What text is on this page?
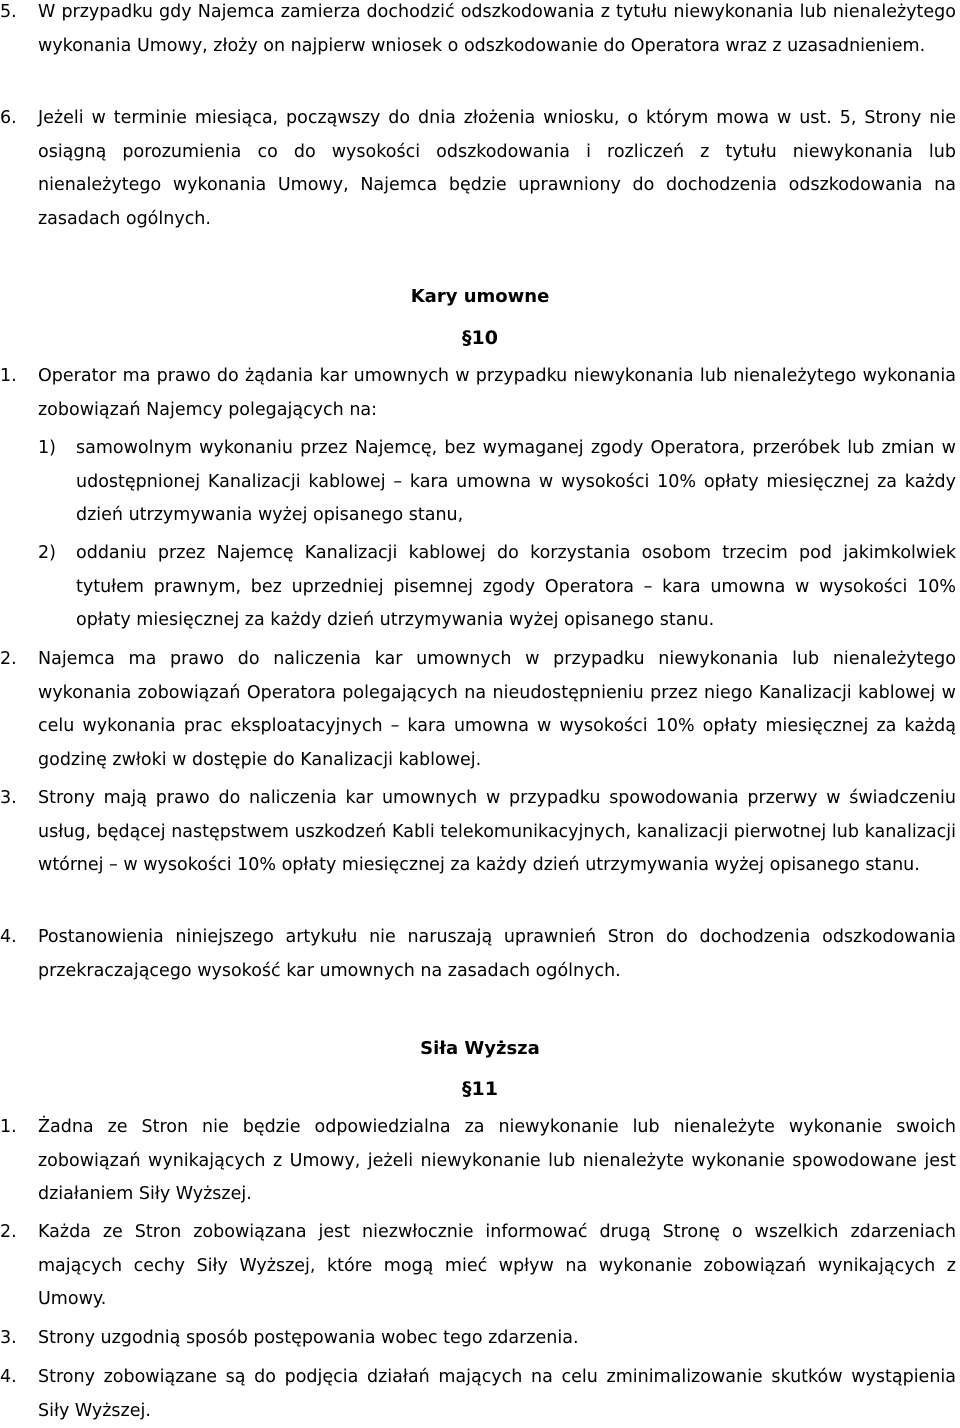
5.	W przypadku gdy Najemca zamierza dochodzić odszkodowania z tytułu niewykonania lub nienależytego wykonania Umowy, złoży on najpierw wniosek o odszkodowanie do Operatora wraz z uzasadnieniem.
6.	Jeżeli w terminie miesiąca, począwszy do dnia złożenia wniosku, o którym mowa w ust. 5, Strony nie osiągną porozumienia co do wysokości odszkodowania i rozliczeń z tytułu niewykonania lub nienależytego wykonania Umowy, Najemca będzie uprawniony do dochodzenia odszkodowania na zasadach ogólnych.
Kary umowne
§10
1.	Operator ma prawo do żądania kar umownych w przypadku niewykonania lub nienależytego wykonania zobowiązań Najemcy polegających na:
1)	samowolnym wykonaniu przez Najemcę, bez wymaganej zgody Operatora, przeróbek lub zmian w udostępnionej Kanalizacji kablowej – kara umowna w wysokości 10% opłaty miesięcznej za każdy dzień utrzymywania wyżej opisanego stanu,
2)	oddaniu przez Najemcę Kanalizacji kablowej do korzystania osobom trzecim pod jakimkolwiek tytułem prawnym, bez uprzedniej pisemnej zgody Operatora – kara umowna w wysokości 10% opłaty miesięcznej za każdy dzień utrzymywania wyżej opisanego stanu.
2.	Najemca ma prawo do naliczenia kar umownych w przypadku niewykonania lub nienależytego wykonania zobowiązań Operatora polegających na nieudostępnieniu przez niego Kanalizacji kablowej w celu wykonania prac eksploatacyjnych – kara umowna w wysokości 10% opłaty miesięcznej za każdą godzinę zwłoki w dostępie do Kanalizacji kablowej.
3.	Strony mają prawo do naliczenia kar umownych w przypadku spowodowania przerwy w świadczeniu usług, będącej następstwem uszkodzeń Kabli telekomunikacyjnych, kanalizacji pierwotnej lub kanalizacji wtórnej – w wysokości 10% opłaty miesięcznej za każdy dzień utrzymywania wyżej opisanego stanu.
4.	Postanowienia niniejszego artykułu nie naruszają uprawnień Stron do dochodzenia odszkodowania przekraczającego wysokość kar umownych na zasadach ogólnych.
Siła Wyższa
§11
1.	Żadna ze Stron nie będzie odpowiedzialna za niewykonanie lub nienależyte wykonanie swoich zobowiązań wynikających z Umowy, jeżeli niewykonanie lub nienależyte wykonanie spowodowane jest działaniem Siły Wyższej.
2.	Każda ze Stron zobowiązana jest niezwłocznie informować drugą Stronę o wszelkich zdarzeniach mających cechy Siły Wyższej, które mogą mieć wpływ na wykonanie zobowiązań wynikających z Umowy.
3.	Strony uzgodnią sposób postępowania wobec tego zdarzenia.
4.	Strony zobowiązane są do podjęcia działań mających na celu zminimalizowanie skutków wystąpienia Siły Wyższej.
